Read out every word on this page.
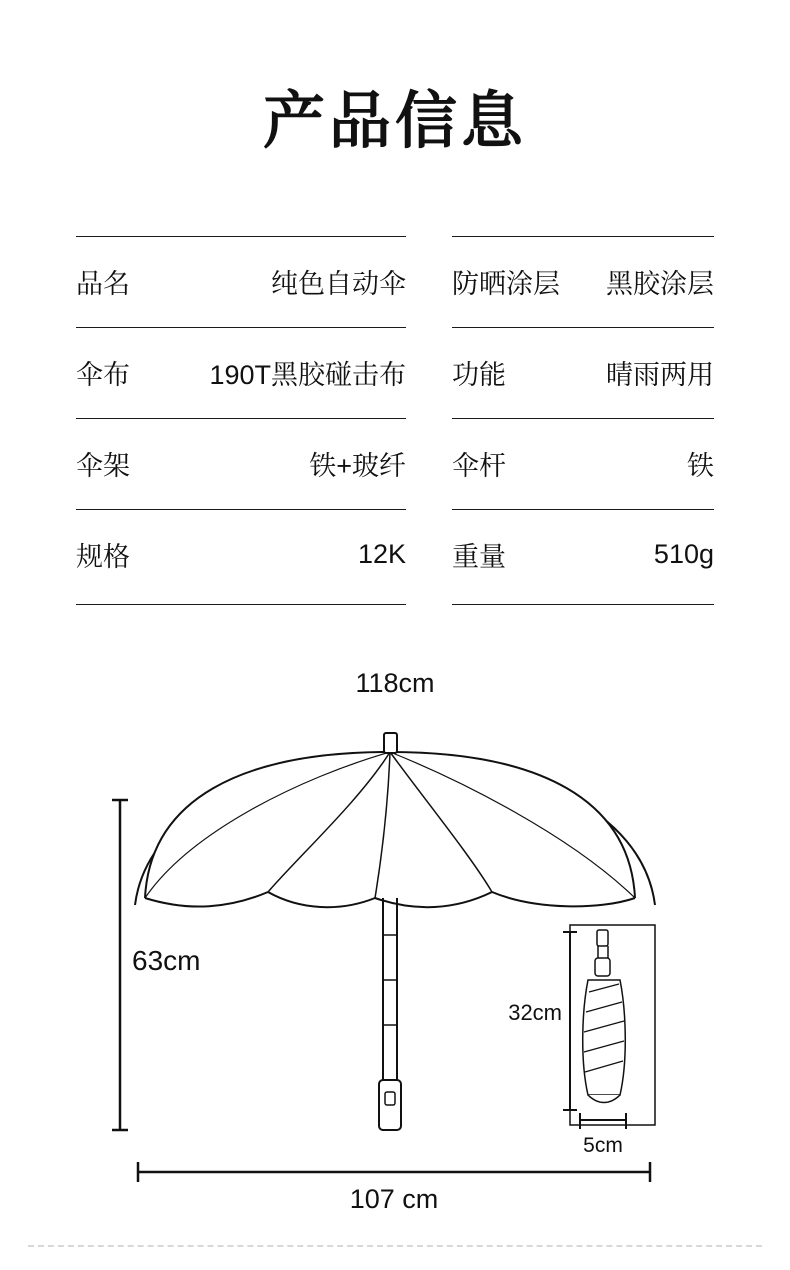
产品信息
品名	纯色自动伞 防晒涂层	黑胶涂层
伞布	190T黑胶碰击布 功能	晴雨两用
伞架	铁+玻纤 伞杆	铁
规格	12K 重量	510g
118cm
63cm
107 cm
32cm
5cm
